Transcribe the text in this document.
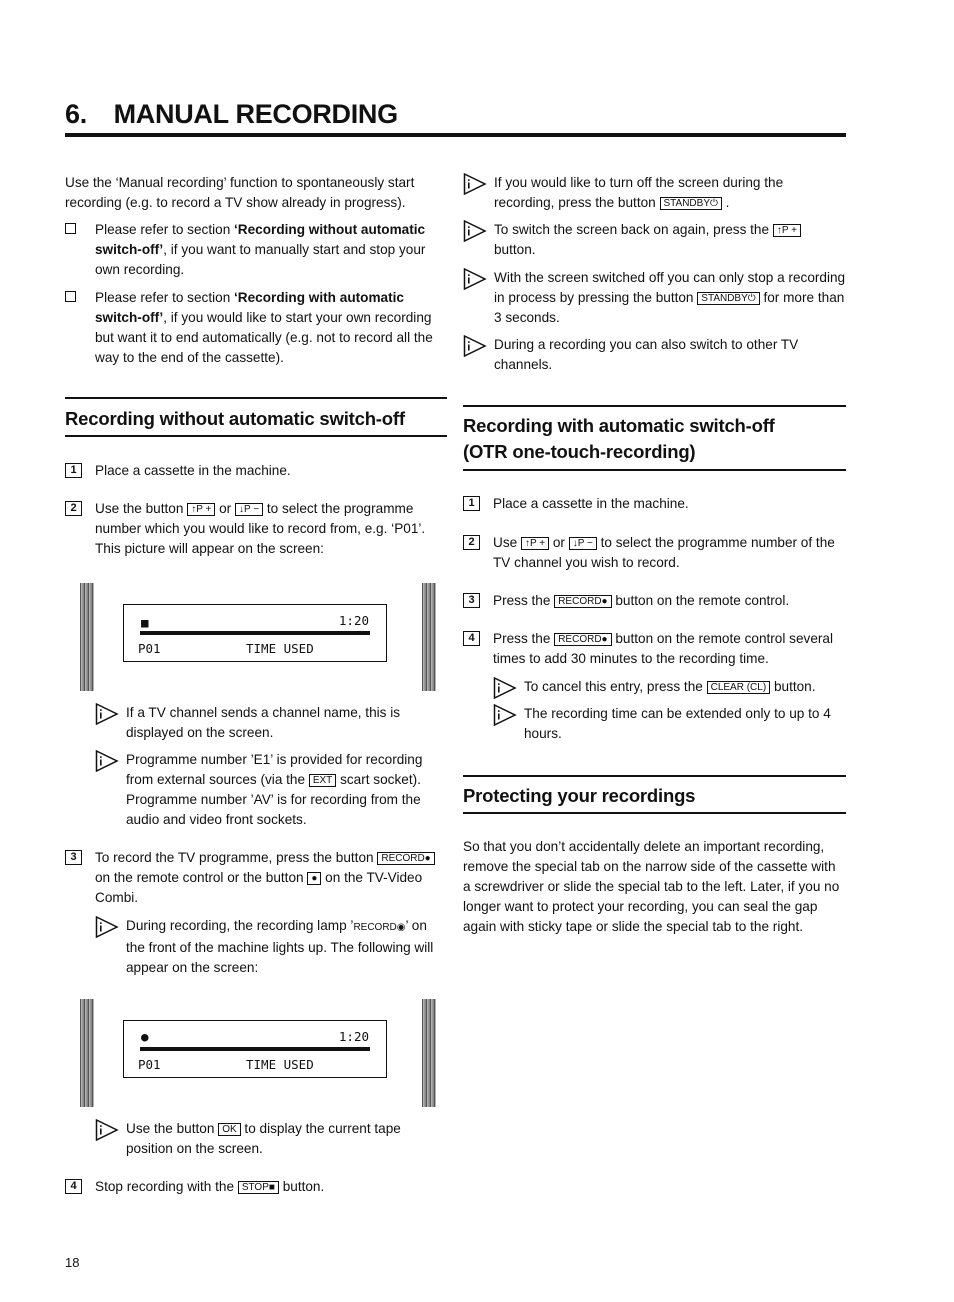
6. MANUAL RECORDING

Use the ‘Manual recording’ function to spontaneously start recording (e.g. to record a TV show already in progress).

Please refer to section ‘Recording without automatic switch-off’, if you want to manually start and stop your own recording.

Please refer to section ‘Recording with automatic switch-off’, if you would like to start your own recording but want it to end automatically (e.g. not to record all the way to the end of the cassette).

Recording without automatic switch-off
1	Place a cassette in the machine.

2	Use the button ↑P + or ↓P − to select the programme number which you would like to record from, e.g. ‘P01’. This picture will appear on the screen:

■	1:20
P01	TIME USED

If a TV channel sends a channel name, this is displayed on the screen.

Programme number ’E1’ is provided for recording from external sources (via the EXT scart socket). Programme number ’AV’ is for recording from the audio and video front sockets.

3	To record the TV programme, press the button RECORD● on the remote control or the button ● on the TV-Video Combi.

During recording, the recording lamp ’RECORD◉’ on the front of the machine lights up. The following will appear on the screen:

●	1:20
P01	TIME USED

Use the button OK to display the current tape position on the screen.

4	Stop recording with the STOP■ button.

If you would like to turn off the screen during the recording, press the button STANDBY⏻ .

To switch the screen back on again, press the ↑P + button.

With the screen switched off you can only stop a recording in process by pressing the button STANDBY⏻ for more than 3 seconds.

During a recording you can also switch to other TV channels.

Recording with automatic switch-off
(OTR one-touch-recording)
1	Place a cassette in the machine.

2	Use ↑P + or ↓P − to select the programme number of the TV channel you wish to record.

3	Press the RECORD● button on the remote control.

4	Press the RECORD● button on the remote control several times to add 30 minutes to the recording time.

To cancel this entry, press the CLEAR (CL) button.

The recording time can be extended only to up to 4 hours.

Protecting your recordings

So that you don’t accidentally delete an important recording, remove the special tab on the narrow side of the cassette with a screwdriver or slide the special tab to the left. Later, if you no longer want to protect your recording, you can seal the gap again with sticky tape or slide the special tab to the right.

18
